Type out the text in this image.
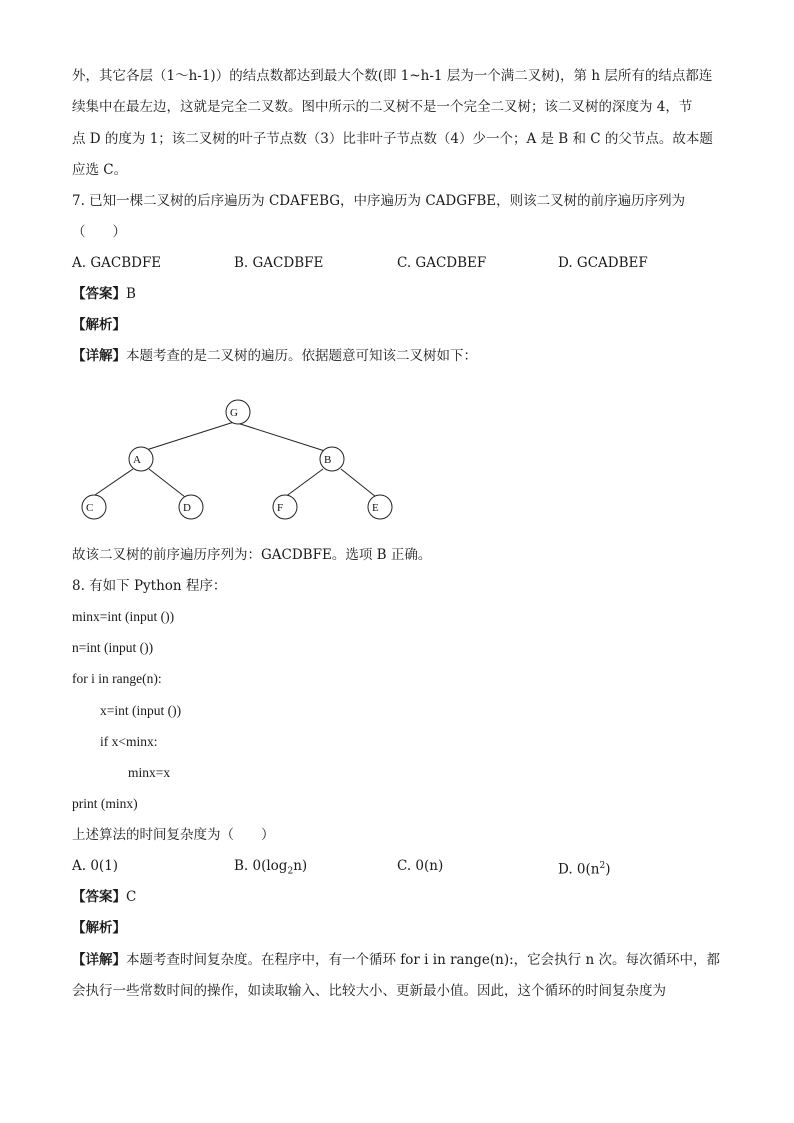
外，其它各层（1～h-1)）的结点数都达到最大个数(即 1~h-1 层为一个满二叉树)，第 h 层所有的结点都连
续集中在最左边，这就是完全二叉数。图中所示的二叉树不是一个完全二叉树；该二叉树的深度为 4，节
点 D 的度为 1；该二叉树的叶子节点数（3）比非叶子节点数（4）少一个；A 是 B 和 C 的父节点。故本题
应选 C。
7. 已知一棵二叉树的后序遍历为 CDAFEBG，中序遍历为 CADGFBE，则该二叉树的前序遍历序列为
（　　）
A. GACBDFE	B. GACDBFE	C. GACDBEF	D. GCADBEF
【答案】B
【解析】
【详解】本题考查的是二叉树的遍历。依据题意可知该二叉树如下：
G
A	B
C	D	F	E
故该二叉树的前序遍历序列为：GACDBFE。选项 B 正确。
8. 有如下 Python 程序：
minx=int (input ())
n=int (input ())
for i in range(n):
x=int (input ())
if x<minx:
minx=x
print (minx)
上述算法的时间复杂度为（　　）
A. 0(1)	B. $0(\log_2n)$	C. 0(n)	D. $0(n^2)$
【答案】C
【解析】
【详解】本题考查时间复杂度。在程序中，有一个循环 for i in range(n):，它会执行 n 次。每次循环中，都
会执行一些常数时间的操作，如读取输入、比较大小、更新最小值。因此，这个循环的时间复杂度为
